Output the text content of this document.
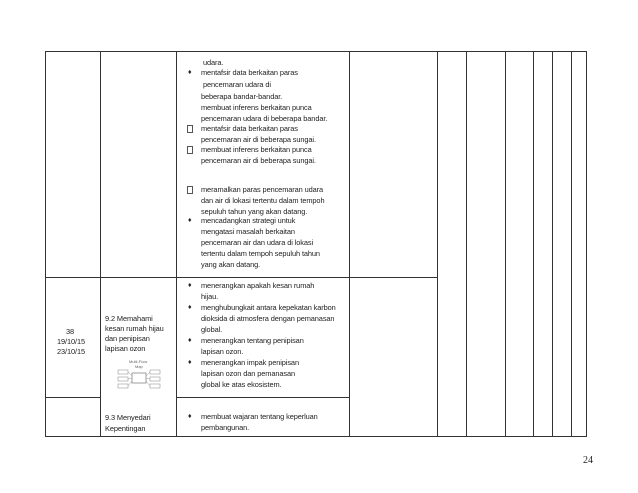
udara.
♦ mentafsir data berkaitan paras
pencemaran udara di
beberapa bandar-bandar.
membuat inferens berkaitan punca
pencemaran udara di beberapa bandar.
mentafsir data berkaitan paras
pencemaran air di beberapa sungai.
membuat inferens berkaitan punca
pencemaran air di beberapa sungai.
meramalkan paras pencemaran udara
dan air di lokasi tertentu dalam tempoh
sepuluh tahun yang akan datang.
♦ mencadangkan strategi untuk
mengatasi masalah berkaitan
pencemaran air dan udara di lokasi
tertentu dalam tempoh sepuluh tahun
yang akan datang.
38
19/10/15
23/10/15
9.2 Memahami
kesan rumah hijau
dan penipisan
lapisan ozon
Multi-Flow
Map
♦ menerangkan apakah kesan rumah
hijau.
♦ menghubungkait antara kepekatan karbon
dioksida di atmosfera dengan pemanasan
global.
♦ menerangkan tentang penipisan
lapisan ozon.
♦ menerangkan impak penipisan
lapisan ozon dan pemanasan
global ke atas ekosistem.
9.3 Menyedari
Kepentingan
♦ membuat wajaran tentang keperluan
pembangunan.
24
